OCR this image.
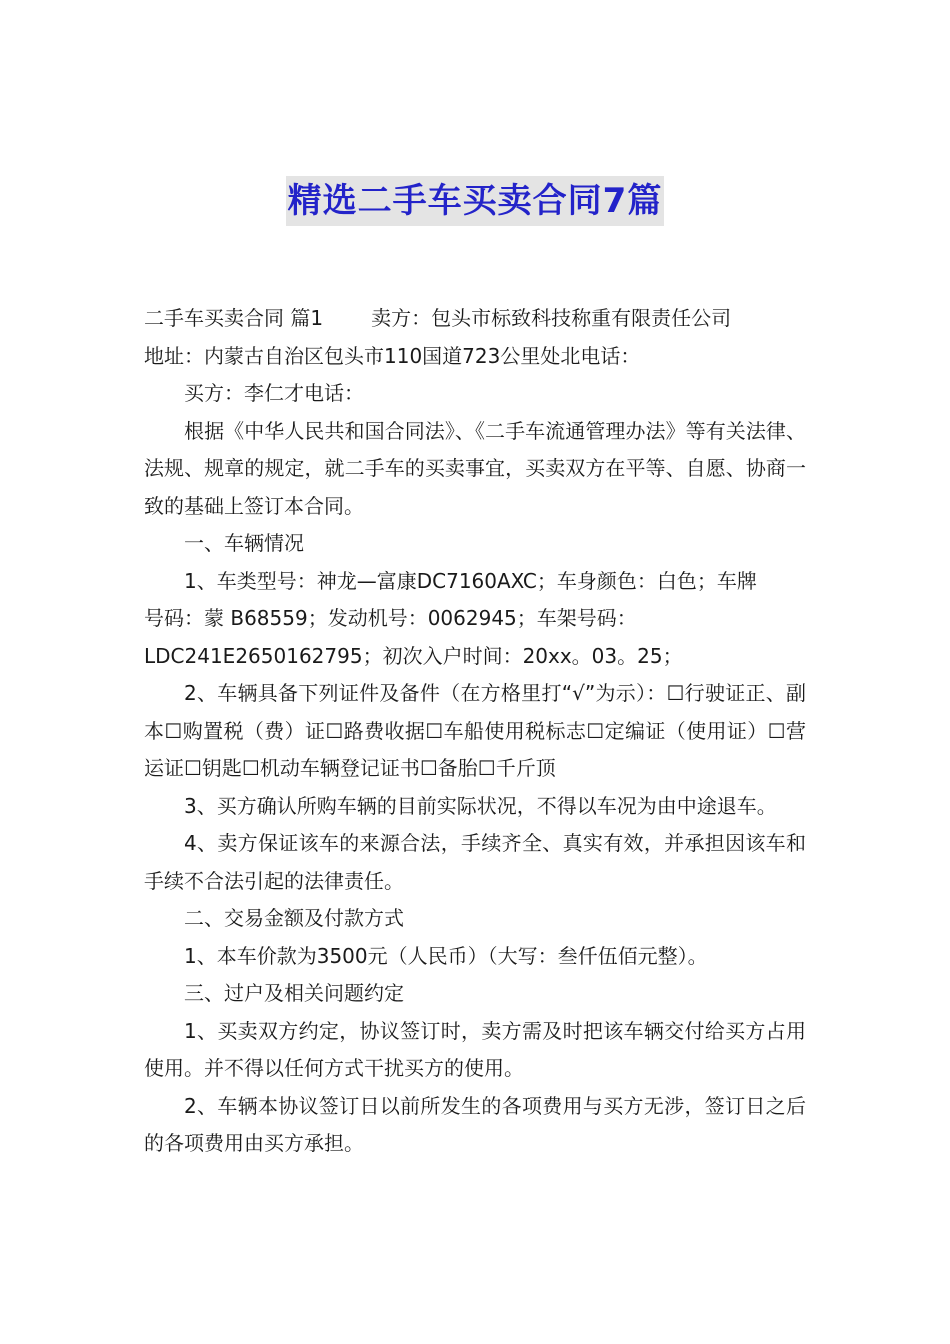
精选二手车买卖合同7篇

二手车买卖合同 篇1 卖方：包头市标致科技称重有限责任公司

地址：内蒙古自治区包头市110国道723公里处北电话：

买方：李仁才电话：

根据《中华人民共和国合同法》、《二手车流通管理办法》等有关法律、法规、规章的规定，就二手车的买卖事宜，买卖双方在平等、自愿、协商一致的基础上签订本合同。

一、车辆情况

1、车类型号：神龙—富康DC7160AXC；车身颜色：白色；车牌

号码：蒙 B68559；发动机号：0062945；车架号码：

LDC241E2650162795；初次入户时间：20xx。03。25；

2、车辆具备下列证件及备件（在方格里打“√”为示）：☐行驶证正、副本☐购置税（费）证☐路费收据☐车船使用税标志☐定编证（使用证）☐营运证☐钥匙☐机动车辆登记证书☐备胎☐千斤顶

3、买方确认所购车辆的目前实际状况，不得以车况为由中途退车。

4、卖方保证该车的来源合法，手续齐全、真实有效，并承担因该车和手续不合法引起的法律责任。

二、交易金额及付款方式

1、本车价款为3500元（人民币）（大写：叁仟伍佰元整）。

三、过户及相关问题约定

1、买卖双方约定，协议签订时，卖方需及时把该车辆交付给买方占用使用。并不得以任何方式干扰买方的使用。

2、车辆本协议签订日以前所发生的各项费用与买方无涉，签订日之后的各项费用由买方承担。
